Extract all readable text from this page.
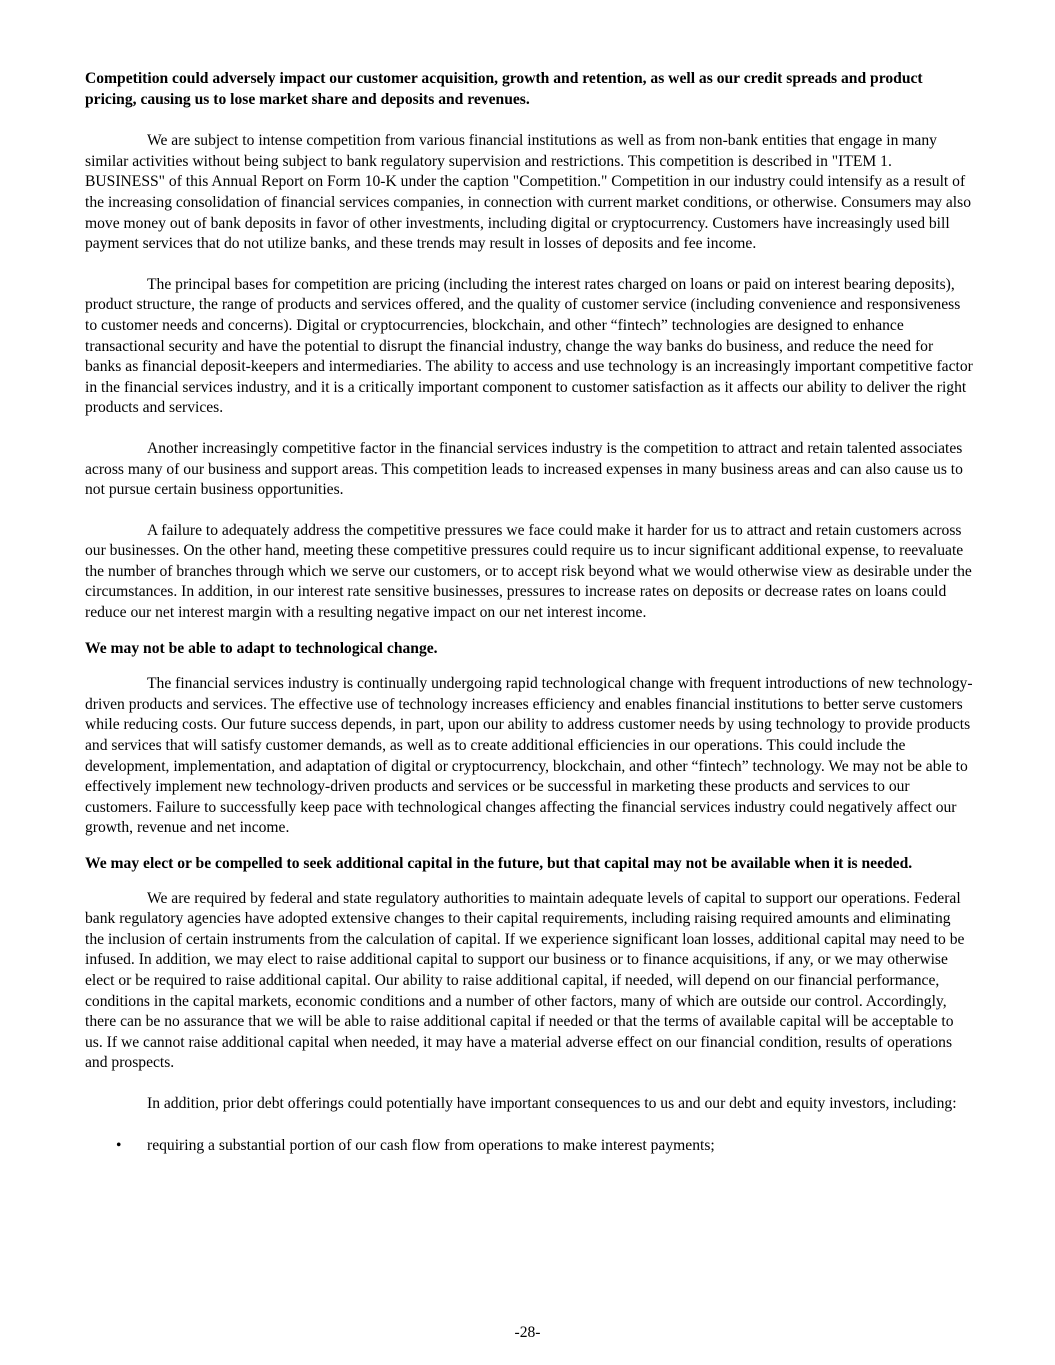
Competition could adversely impact our customer acquisition, growth and retention, as well as our credit spreads and product pricing, causing us to lose market share and deposits and revenues.

We are subject to intense competition from various financial institutions as well as from non-bank entities that engage in many similar activities without being subject to bank regulatory supervision and restrictions. This competition is described in "ITEM 1. BUSINESS" of this Annual Report on Form 10-K under the caption "Competition." Competition in our industry could intensify as a result of the increasing consolidation of financial services companies, in connection with current market conditions, or otherwise. Consumers may also move money out of bank deposits in favor of other investments, including digital or cryptocurrency. Customers have increasingly used bill payment services that do not utilize banks, and these trends may result in losses of deposits and fee income.

The principal bases for competition are pricing (including the interest rates charged on loans or paid on interest bearing deposits), product structure, the range of products and services offered, and the quality of customer service (including convenience and responsiveness to customer needs and concerns). Digital or cryptocurrencies, blockchain, and other “fintech” technologies are designed to enhance transactional security and have the potential to disrupt the financial industry, change the way banks do business, and reduce the need for banks as financial deposit-keepers and intermediaries. The ability to access and use technology is an increasingly important competitive factor in the financial services industry, and it is a critically important component to customer satisfaction as it affects our ability to deliver the right products and services.

Another increasingly competitive factor in the financial services industry is the competition to attract and retain talented associates across many of our business and support areas. This competition leads to increased expenses in many business areas and can also cause us to not pursue certain business opportunities.

A failure to adequately address the competitive pressures we face could make it harder for us to attract and retain customers across our businesses. On the other hand, meeting these competitive pressures could require us to incur significant additional expense, to reevaluate the number of branches through which we serve our customers, or to accept risk beyond what we would otherwise view as desirable under the circumstances. In addition, in our interest rate sensitive businesses, pressures to increase rates on deposits or decrease rates on loans could reduce our net interest margin with a resulting negative impact on our net interest income.

We may not be able to adapt to technological change.

The financial services industry is continually undergoing rapid technological change with frequent introductions of new technology-driven products and services. The effective use of technology increases efficiency and enables financial institutions to better serve customers while reducing costs. Our future success depends, in part, upon our ability to address customer needs by using technology to provide products and services that will satisfy customer demands, as well as to create additional efficiencies in our operations. This could include the development, implementation, and adaptation of digital or cryptocurrency, blockchain, and other “fintech” technology. We may not be able to effectively implement new technology-driven products and services or be successful in marketing these products and services to our customers. Failure to successfully keep pace with technological changes affecting the financial services industry could negatively affect our growth, revenue and net income.

We may elect or be compelled to seek additional capital in the future, but that capital may not be available when it is needed.

We are required by federal and state regulatory authorities to maintain adequate levels of capital to support our operations. Federal bank regulatory agencies have adopted extensive changes to their capital requirements, including raising required amounts and eliminating the inclusion of certain instruments from the calculation of capital. If we experience significant loan losses, additional capital may need to be infused. In addition, we may elect to raise additional capital to support our business or to finance acquisitions, if any, or we may otherwise elect or be required to raise additional capital. Our ability to raise additional capital, if needed, will depend on our financial performance, conditions in the capital markets, economic conditions and a number of other factors, many of which are outside our control. Accordingly, there can be no assurance that we will be able to raise additional capital if needed or that the terms of available capital will be acceptable to us. If we cannot raise additional capital when needed, it may have a material adverse effect on our financial condition, results of operations and prospects.

In addition, prior debt offerings could potentially have important consequences to us and our debt and equity investors, including:

• requiring a substantial portion of our cash flow from operations to make interest payments;
-28-
